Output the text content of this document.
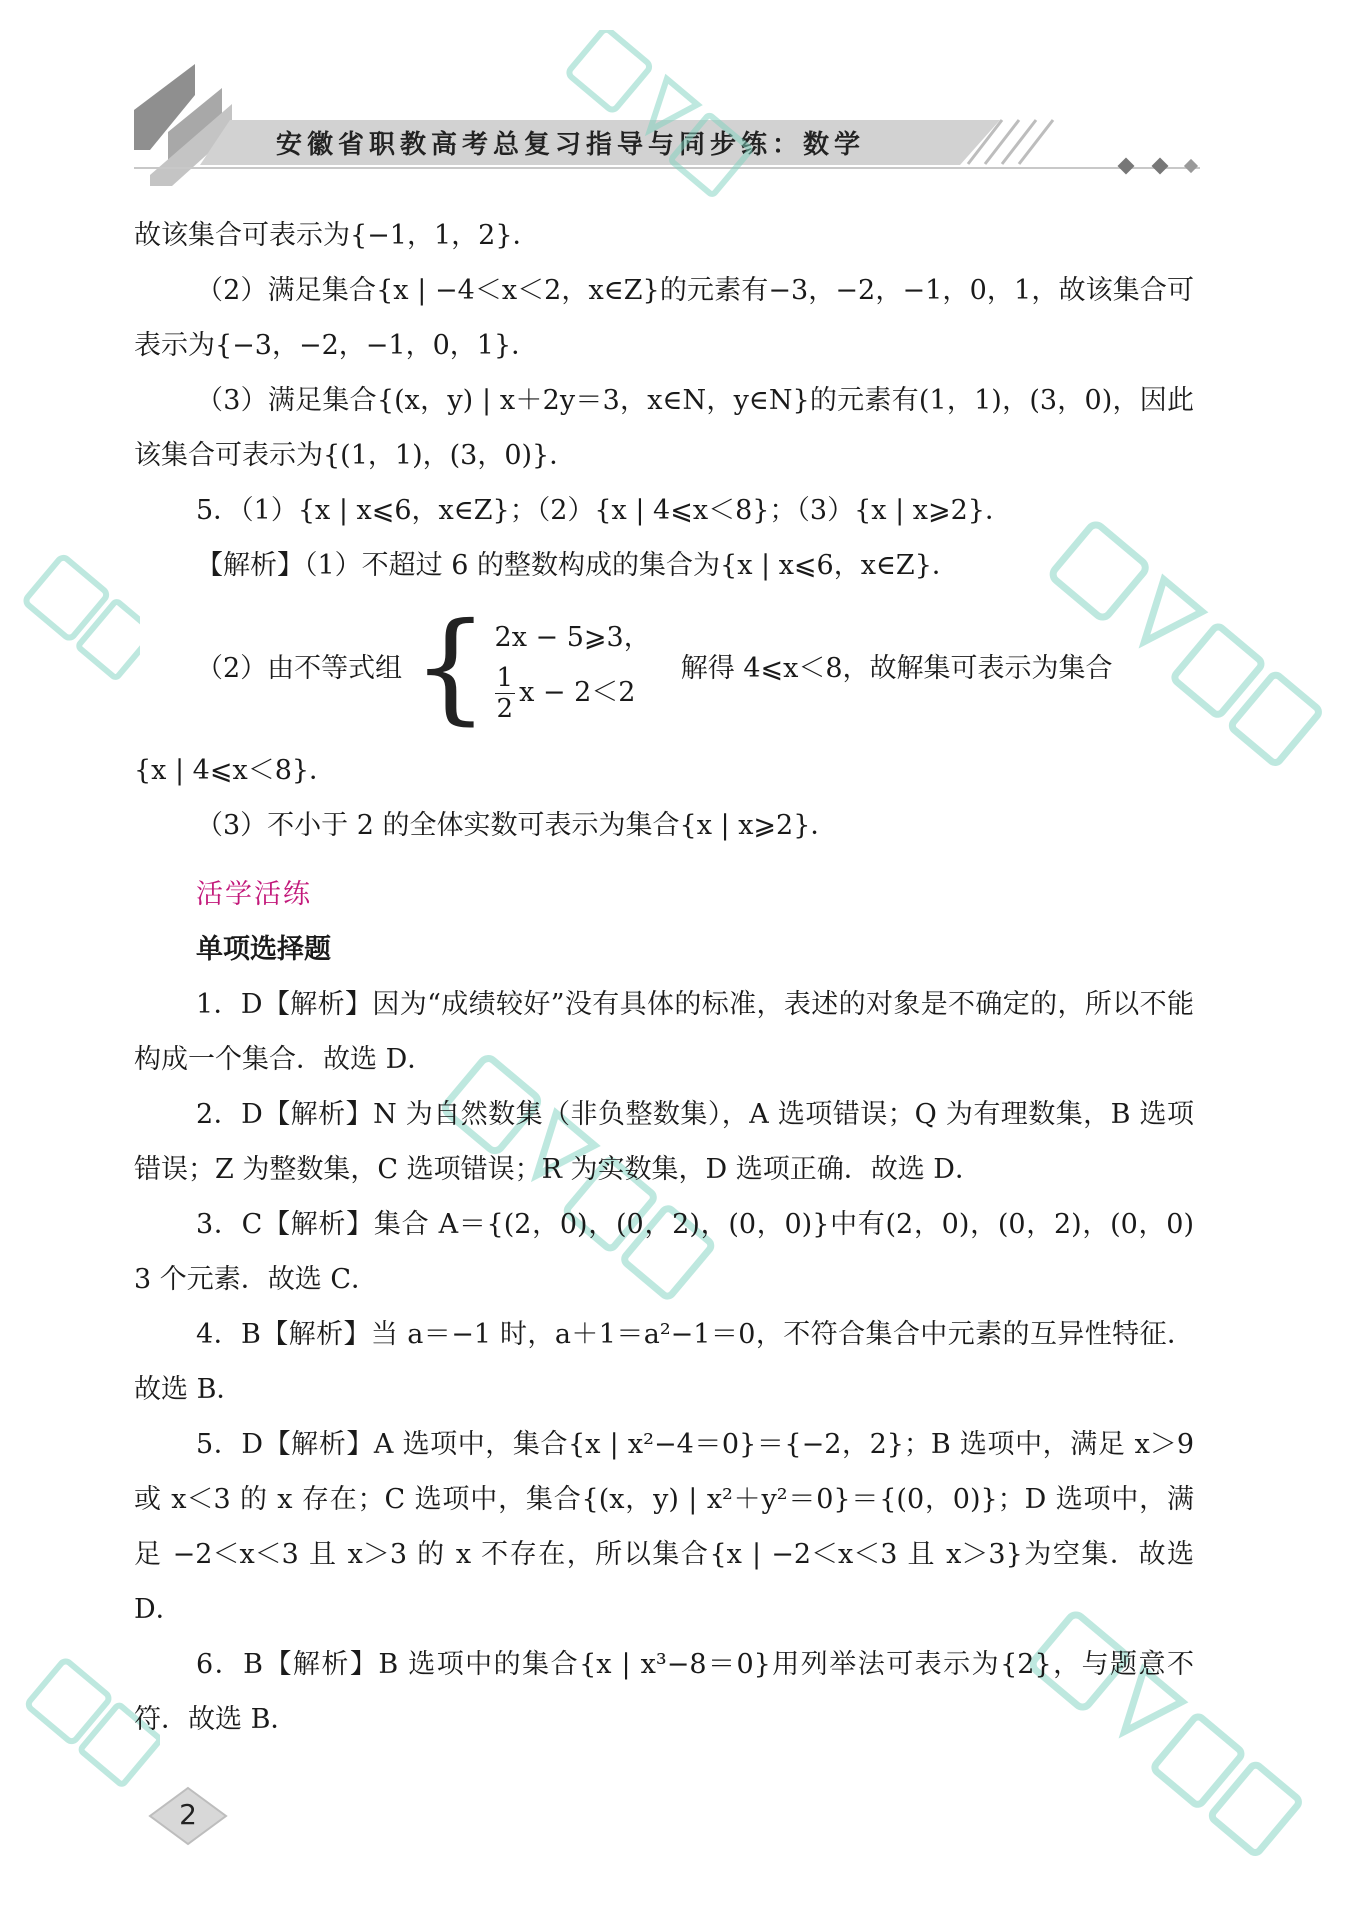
安徽省职教高考总复习指导与同步练：数学

故该集合可表示为{−1，1，2}．

（2）满足集合{x | −4＜x＜2，x∈Z}的元素有−3，−2，−1，0，1，故该集合可表示为{−3，−2，−1，0，1}．

（3）满足集合{(x，y) | x＋2y＝3，x∈N，y∈N}的元素有(1，1)，(3，0)，因此该集合可表示为{(1，1)，(3，0)}．

5．（1）{x | x⩽6，x∈Z}；（2）{x | 4⩽x＜8}；（3）{x | x⩾2}．

【解析】（1）不超过 6 的整数构成的集合为{x | x⩽6，x∈Z}．

（2）由不等式组 { 2x − 5⩾3，
$\frac{1}{2}$ x − 2＜2
解得 4⩽x＜8，故解集可表示为集合

{x | 4⩽x＜8}．

（3）不小于 2 的全体实数可表示为集合{x | x⩾2}．

活学活练
单项选择题

1．D【解析】因为“成绩较好”没有具体的标准，表述的对象是不确定的，所以不能构成一个集合．故选 D．

2．D【解析】N 为自然数集（非负整数集），A 选项错误；Q 为有理数集，B 选项错误；Z 为整数集，C 选项错误；R 为实数集，D 选项正确．故选 D．

3．C【解析】集合 A＝{(2，0)，(0，2)，(0，0)}中有(2，0)，(0，2)，(0，0) 3 个元素．故选 C．

4．B【解析】当 a＝−1 时，a＋1＝a²−1＝0，不符合集合中元素的互异性特征．故选 B．

5．D【解析】A 选项中，集合{x | x²−4＝0}＝{−2，2}；B 选项中，满足 x＞9 或 x＜3 的 x 存在；C 选项中，集合{(x，y) | x²＋y²＝0}＝{(0，0)}；D 选项中，满足 −2＜x＜3 且 x＞3 的 x 不存在，所以集合{x | −2＜x＜3 且 x＞3}为空集．故选 D．

6．B【解析】B 选项中的集合{x | x³−8＝0}用列举法可表示为{2}，与题意不符．故选 B．

2
